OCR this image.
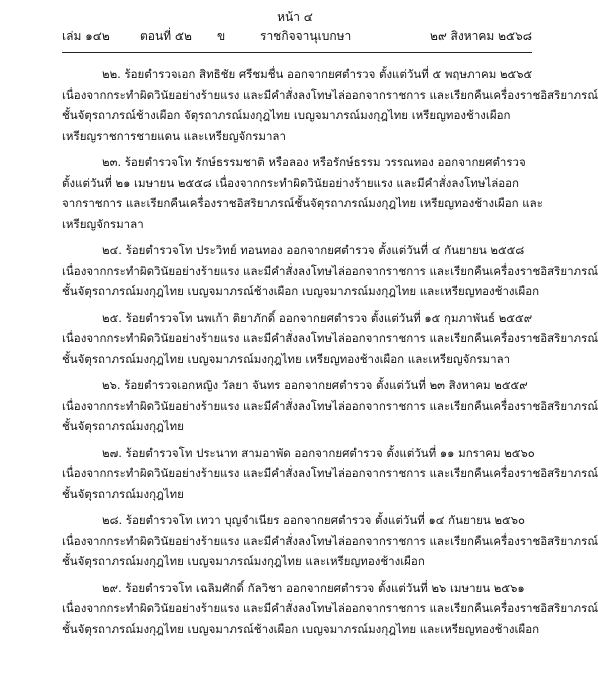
หน้า ๔
เล่ม ๑๔๒	ตอนที่ ๕๒ ข	ราชกิจจานุเบกษา	๒๙ สิงหาคม ๒๕๖๘
๒๒. ร้อยตำรวจเอก สิทธิชัย ศรีชมชื่น ออกจากยศตำรวจ ตั้งแต่วันที่ ๕ พฤษภาคม ๒๕๖๕
เนื่องจากกระทำผิดวินัยอย่างร้ายแรง และมีคำสั่งลงโทษไล่ออกจากราชการ และเรียกคืนเครื่องราชอิสริยาภรณ์
ชั้นจัตุรถาภรณ์ช้างเผือก จัตุรถาภรณ์มงกุฎไทย เบญจมาภรณ์มงกุฎไทย เหรียญทองช้างเผือก
เหรียญราชการชายแดน และเหรียญจักรมาลา
๒๓. ร้อยตำรวจโท รักษ์ธรรมชาติ หรือลอง หรือรักษ์ธรรม วรรณทอง ออกจากยศตำรวจ
ตั้งแต่วันที่ ๒๑ เมษายน ๒๕๕๘ เนื่องจากกระทำผิดวินัยอย่างร้ายแรง และมีคำสั่งลงโทษไล่ออก
จากราชการ และเรียกคืนเครื่องราชอิสริยาภรณ์ชั้นจัตุรถาภรณ์มงกุฎไทย เหรียญทองช้างเผือก และ
เหรียญจักรมาลา
๒๔. ร้อยตำรวจโท ประวิทย์ ทอนทอง ออกจากยศตำรวจ ตั้งแต่วันที่ ๔ กันยายน ๒๕๕๘
เนื่องจากกระทำผิดวินัยอย่างร้ายแรง และมีคำสั่งลงโทษไล่ออกจากราชการ และเรียกคืนเครื่องราชอิสริยาภรณ์
ชั้นจัตุรถาภรณ์มงกุฎไทย เบญจมาภรณ์ช้างเผือก เบญจมาภรณ์มงกุฎไทย และเหรียญทองช้างเผือก
๒๕. ร้อยตำรวจโท นพเก้า ติยาภักดิ์ ออกจากยศตำรวจ ตั้งแต่วันที่ ๑๕ กุมภาพันธ์ ๒๕๕๙
เนื่องจากกระทำผิดวินัยอย่างร้ายแรง และมีคำสั่งลงโทษไล่ออกจากราชการ และเรียกคืนเครื่องราชอิสริยาภรณ์
ชั้นจัตุรถาภรณ์มงกุฎไทย เบญจมาภรณ์มงกุฎไทย เหรียญทองช้างเผือก และเหรียญจักรมาลา
๒๖. ร้อยตำรวจเอกหญิง วัลยา จันทร ออกจากยศตำรวจ ตั้งแต่วันที่ ๒๓ สิงหาคม ๒๕๕๙
เนื่องจากกระทำผิดวินัยอย่างร้ายแรง และมีคำสั่งลงโทษไล่ออกจากราชการ และเรียกคืนเครื่องราชอิสริยาภรณ์
ชั้นจัตุรถาภรณ์มงกุฎไทย
๒๗. ร้อยตำรวจโท ประนาท สามอาพัด ออกจากยศตำรวจ ตั้งแต่วันที่ ๑๑ มกราคม ๒๕๖๐
เนื่องจากกระทำผิดวินัยอย่างร้ายแรง และมีคำสั่งลงโทษไล่ออกจากราชการ และเรียกคืนเครื่องราชอิสริยาภรณ์
ชั้นจัตุรถาภรณ์มงกุฎไทย
๒๘. ร้อยตำรวจโท เทวา บุญจำเนียร ออกจากยศตำรวจ ตั้งแต่วันที่ ๑๔ กันยายน ๒๕๖๐
เนื่องจากกระทำผิดวินัยอย่างร้ายแรง และมีคำสั่งลงโทษไล่ออกจากราชการ และเรียกคืนเครื่องราชอิสริยาภรณ์
ชั้นจัตุรถาภรณ์มงกุฎไทย เบญจมาภรณ์มงกุฎไทย และเหรียญทองช้างเผือก
๒๙. ร้อยตำรวจโท เฉลิมศักดิ์ กัลวิชา ออกจากยศตำรวจ ตั้งแต่วันที่ ๒๖ เมษายน ๒๕๖๑
เนื่องจากกระทำผิดวินัยอย่างร้ายแรง และมีคำสั่งลงโทษไล่ออกจากราชการ และเรียกคืนเครื่องราชอิสริยาภรณ์
ชั้นจัตุรถาภรณ์มงกุฎไทย เบญจมาภรณ์ช้างเผือก เบญจมาภรณ์มงกุฎไทย และเหรียญทองช้างเผือก
